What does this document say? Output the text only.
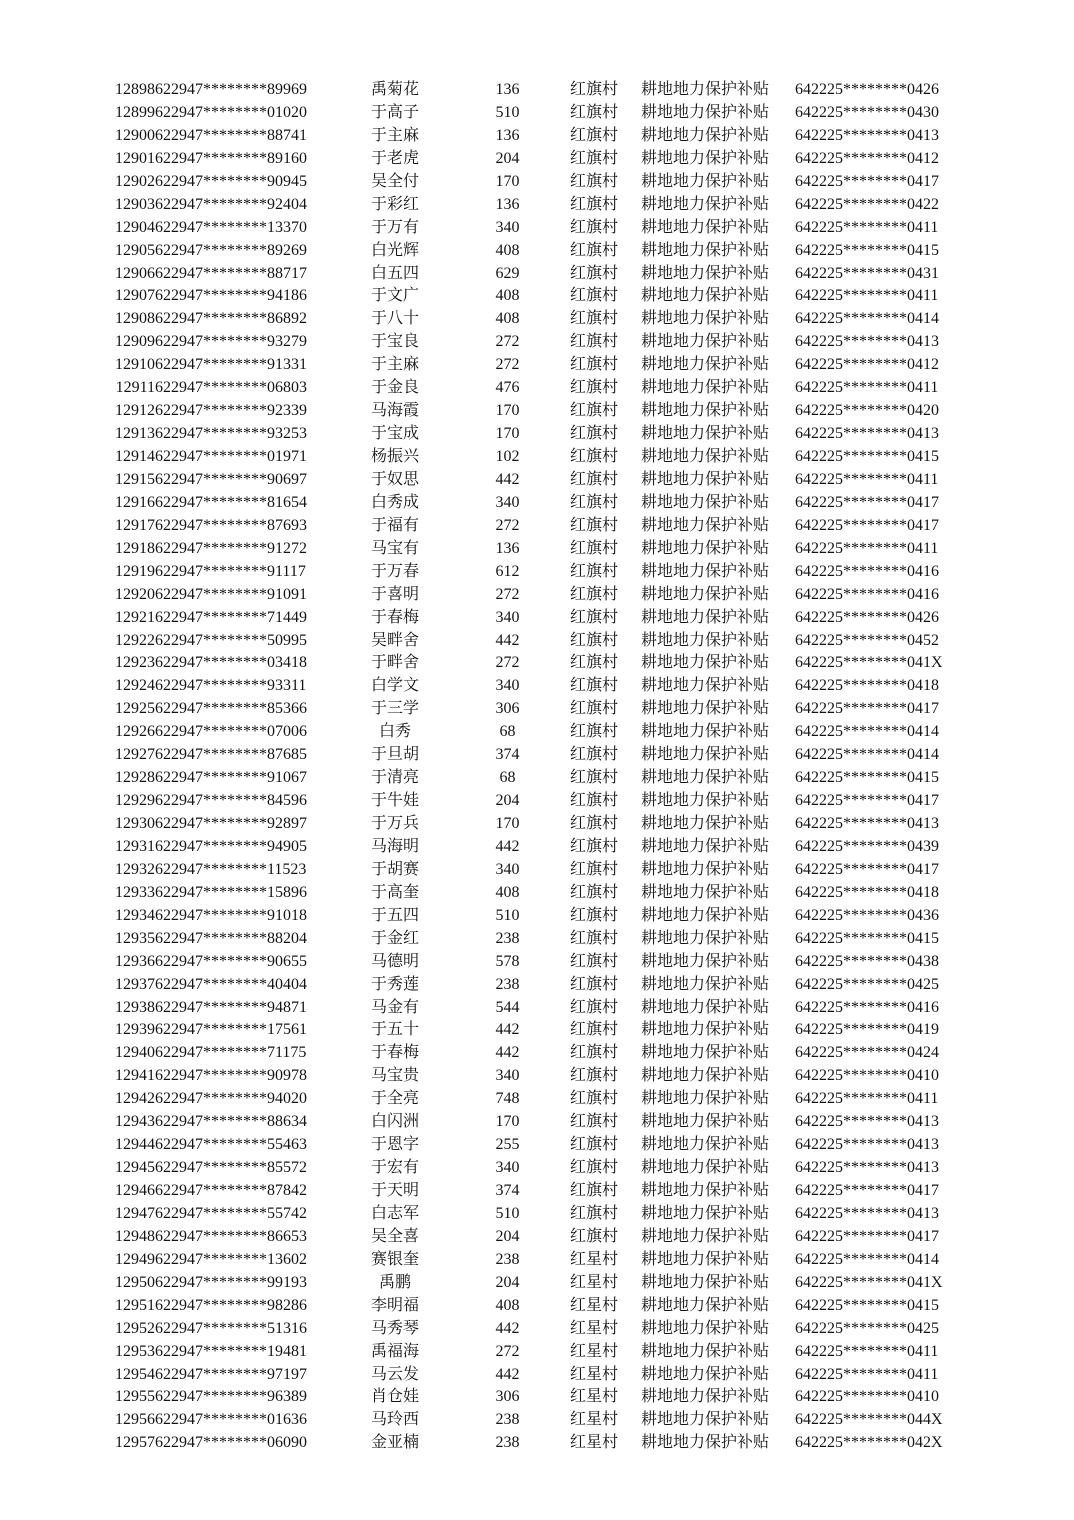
12898	622947********89969	禹菊花	136	红旗村	耕地地力保护补贴	642225********0426
12899	622947********01020	于高子	510	红旗村	耕地地力保护补贴	642225********0430
12900	622947********88741	于主麻	136	红旗村	耕地地力保护补贴	642225********0413
12901	622947********89160	于老虎	204	红旗村	耕地地力保护补贴	642225********0412
12902	622947********90945	吴全付	170	红旗村	耕地地力保护补贴	642225********0417
12903	622947********92404	于彩红	136	红旗村	耕地地力保护补贴	642225********0422
12904	622947********13370	于万有	340	红旗村	耕地地力保护补贴	642225********0411
12905	622947********89269	白光辉	408	红旗村	耕地地力保护补贴	642225********0415
12906	622947********88717	白五四	629	红旗村	耕地地力保护补贴	642225********0431
12907	622947********94186	于文广	408	红旗村	耕地地力保护补贴	642225********0411
12908	622947********86892	于八十	408	红旗村	耕地地力保护补贴	642225********0414
12909	622947********93279	于宝良	272	红旗村	耕地地力保护补贴	642225********0413
12910	622947********91331	于主麻	272	红旗村	耕地地力保护补贴	642225********0412
12911	622947********06803	于金良	476	红旗村	耕地地力保护补贴	642225********0411
12912	622947********92339	马海霞	170	红旗村	耕地地力保护补贴	642225********0420
12913	622947********93253	于宝成	170	红旗村	耕地地力保护补贴	642225********0413
12914	622947********01971	杨振兴	102	红旗村	耕地地力保护补贴	642225********0415
12915	622947********90697	于奴思	442	红旗村	耕地地力保护补贴	642225********0411
12916	622947********81654	白秀成	340	红旗村	耕地地力保护补贴	642225********0417
12917	622947********87693	于福有	272	红旗村	耕地地力保护补贴	642225********0417
12918	622947********91272	马宝有	136	红旗村	耕地地力保护补贴	642225********0411
12919	622947********91117	于万春	612	红旗村	耕地地力保护补贴	642225********0416
12920	622947********91091	于喜明	272	红旗村	耕地地力保护补贴	642225********0416
12921	622947********71449	于春梅	340	红旗村	耕地地力保护补贴	642225********0426
12922	622947********50995	吴畔舍	442	红旗村	耕地地力保护补贴	642225********0452
12923	622947********03418	于畔舍	272	红旗村	耕地地力保护补贴	642225********041X
12924	622947********93311	白学文	340	红旗村	耕地地力保护补贴	642225********0418
12925	622947********85366	于三学	306	红旗村	耕地地力保护补贴	642225********0417
12926	622947********07006	白秀	68	红旗村	耕地地力保护补贴	642225********0414
12927	622947********87685	于旦胡	374	红旗村	耕地地力保护补贴	642225********0414
12928	622947********91067	于清亮	68	红旗村	耕地地力保护补贴	642225********0415
12929	622947********84596	于牛娃	204	红旗村	耕地地力保护补贴	642225********0417
12930	622947********92897	于万兵	170	红旗村	耕地地力保护补贴	642225********0413
12931	622947********94905	马海明	442	红旗村	耕地地力保护补贴	642225********0439
12932	622947********11523	于胡赛	340	红旗村	耕地地力保护补贴	642225********0417
12933	622947********15896	于高奎	408	红旗村	耕地地力保护补贴	642225********0418
12934	622947********91018	于五四	510	红旗村	耕地地力保护补贴	642225********0436
12935	622947********88204	于金红	238	红旗村	耕地地力保护补贴	642225********0415
12936	622947********90655	马德明	578	红旗村	耕地地力保护补贴	642225********0438
12937	622947********40404	于秀莲	238	红旗村	耕地地力保护补贴	642225********0425
12938	622947********94871	马金有	544	红旗村	耕地地力保护补贴	642225********0416
12939	622947********17561	于五十	442	红旗村	耕地地力保护补贴	642225********0419
12940	622947********71175	于春梅	442	红旗村	耕地地力保护补贴	642225********0424
12941	622947********90978	马宝贵	340	红旗村	耕地地力保护补贴	642225********0410
12942	622947********94020	于全亮	748	红旗村	耕地地力保护补贴	642225********0411
12943	622947********88634	白闪洲	170	红旗村	耕地地力保护补贴	642225********0413
12944	622947********55463	于恩字	255	红旗村	耕地地力保护补贴	642225********0413
12945	622947********85572	于宏有	340	红旗村	耕地地力保护补贴	642225********0413
12946	622947********87842	于天明	374	红旗村	耕地地力保护补贴	642225********0417
12947	622947********55742	白志军	510	红旗村	耕地地力保护补贴	642225********0413
12948	622947********86653	吴全喜	204	红旗村	耕地地力保护补贴	642225********0417
12949	622947********13602	赛银奎	238	红星村	耕地地力保护补贴	642225********0414
12950	622947********99193	禹鹏	204	红星村	耕地地力保护补贴	642225********041X
12951	622947********98286	李明福	408	红星村	耕地地力保护补贴	642225********0415
12952	622947********51316	马秀琴	442	红星村	耕地地力保护补贴	642225********0425
12953	622947********19481	禹福海	272	红星村	耕地地力保护补贴	642225********0411
12954	622947********97197	马云发	442	红星村	耕地地力保护补贴	642225********0411
12955	622947********96389	肖仓娃	306	红星村	耕地地力保护补贴	642225********0410
12956	622947********01636	马玲西	238	红星村	耕地地力保护补贴	642225********044X
12957	622947********06090	金亚楠	238	红星村	耕地地力保护补贴	642225********042X
